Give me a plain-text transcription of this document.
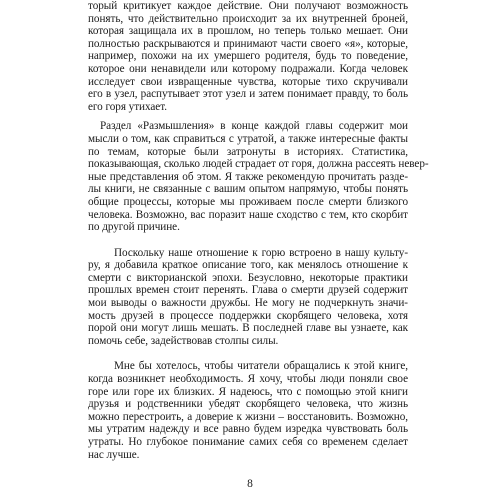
торый критикует каждое действие. Они получают возможность
понять, что действительно происходит за их внутренней броней,
которая защищала их в прошлом, но теперь только мешает. Они
полностью раскрываются и принимают части своего «я», которые,
например, похожи на их умершего родителя, будь то поведение,
которое они ненавидели или которому подражали. Когда человек
исследует свои извращенные чувства, которые тихо скручивали
его в узел, распутывает этот узел и затем понимает правду, то боль
его горя утихает.

Раздел «Размышления» в конце каждой главы содержит мои
мысли о том, как справиться с утратой, а также интересные факты
по темам, которые были затронуты в историях. Статистика,
показывающая, сколько людей страдает от горя, должна рассеять невер-
ные представления об этом. Я также рекомендую прочитать разде-
лы книги, не связанные с вашим опытом напрямую, чтобы понять
общие процессы, которые мы проживаем после смерти близкого
человека. Возможно, вас поразит наше сходство с тем, кто скорбит
по другой причине.

Поскольку наше отношение к горю встроено в нашу культу-
ру, я добавила краткое описание того, как менялось отношение к
смерти с викторианской эпохи. Безусловно, некоторые практики
прошлых времен стоит перенять. Глава о смерти друзей содержит
мои выводы о важности дружбы. Не могу не подчеркнуть значи-
мость друзей в процессе поддержки скорбящего человека, хотя
порой они могут лишь мешать. В последней главе вы узнаете, как
помочь себе, задействовав столпы силы.

Мне бы хотелось, чтобы читатели обращались к этой книге,
когда возникнет необходимость. Я хочу, чтобы люди поняли свое
горе или горе их близких. Я надеюсь, что с помощью этой книги
друзья и родственники убедят скорбящего человека, что жизнь
можно перестроить, а доверие к жизни – восстановить. Возможно,
мы утратим надежду и все равно будем изредка чувствовать боль
утраты. Но глубокое понимание самих себя со временем сделает
нас лучше.

8
